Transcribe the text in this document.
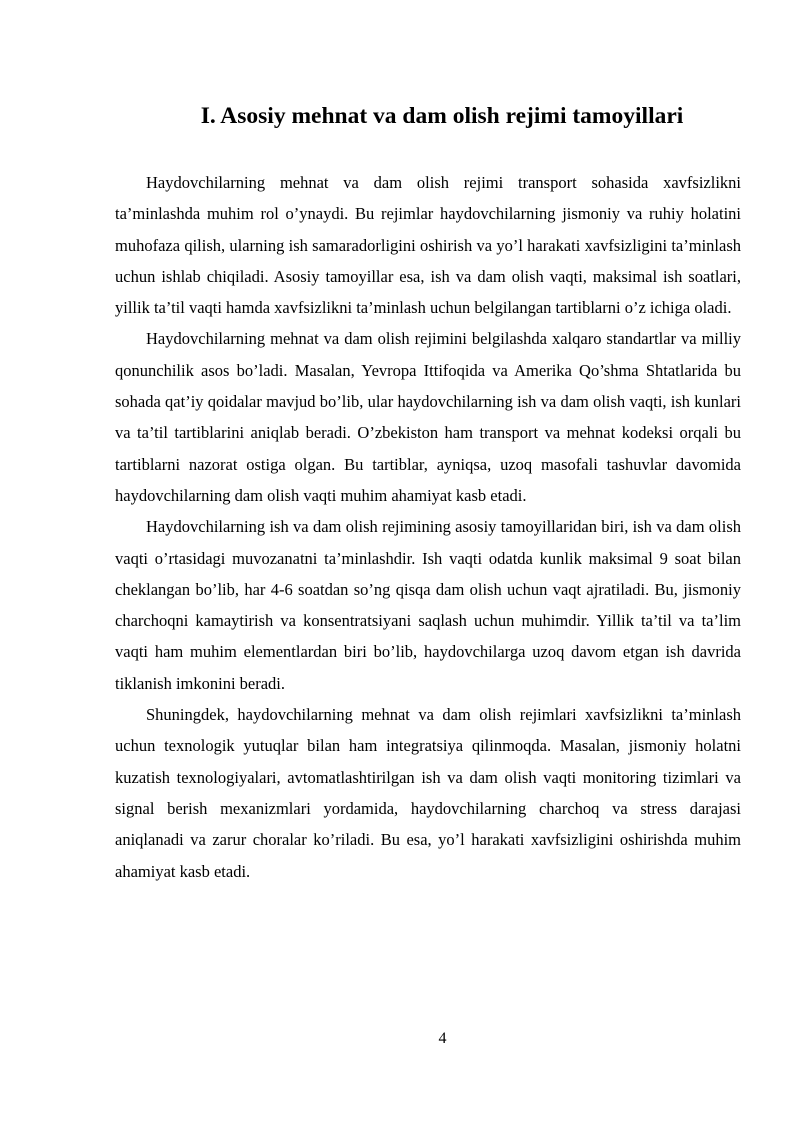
I. Asosiy mehnat va dam olish rejimi tamoyillari

Haydovchilarning mehnat va dam olish rejimi transport sohasida xavfsizlikni ta’minlashda muhim rol o’ynaydi. Bu rejimlar haydovchilarning jismoniy va ruhiy holatini muhofaza qilish, ularning ish samaradorligini oshirish va yo’l harakati xavfsizligini ta’minlash uchun ishlab chiqiladi. Asosiy tamoyillar esa, ish va dam olish vaqti, maksimal ish soatlari, yillik ta’til vaqti hamda xavfsizlikni ta’minlash uchun belgilangan tartiblarni o’z ichiga oladi.

Haydovchilarning mehnat va dam olish rejimini belgilashda xalqaro standartlar va milliy qonunchilik asos bo’ladi. Masalan, Yevropa Ittifoqida va Amerika Qo’shma Shtatlarida bu sohada qat’iy qoidalar mavjud bo’lib, ular haydovchilarning ish va dam olish vaqti, ish kunlari va ta’til tartiblarini aniqlab beradi. O’zbekiston ham transport va mehnat kodeksi orqali bu tartiblarni nazorat ostiga olgan. Bu tartiblar, ayniqsa, uzoq masofali tashuvlar davomida haydovchilarning dam olish vaqti muhim ahamiyat kasb etadi.

Haydovchilarning ish va dam olish rejimining asosiy tamoyillaridan biri, ish va dam olish vaqti o’rtasidagi muvozanatni ta’minlashdir. Ish vaqti odatda kunlik maksimal 9 soat bilan cheklangan bo’lib, har 4-6 soatdan so’ng qisqa dam olish uchun vaqt ajratiladi. Bu, jismoniy charchoqni kamaytirish va konsentratsiyani saqlash uchun muhimdir. Yillik ta’til va ta’lim vaqti ham muhim elementlardan biri bo’lib, haydovchilarga uzoq davom etgan ish davrida tiklanish imkonini beradi.

Shuningdek, haydovchilarning mehnat va dam olish rejimlari xavfsizlikni ta’minlash uchun texnologik yutuqlar bilan ham integratsiya qilinmoqda. Masalan, jismoniy holatni kuzatish texnologiyalari, avtomatlashtirilgan ish va dam olish vaqti monitoring tizimlari va signal berish mexanizmlari yordamida, haydovchilarning charchoq va stress darajasi aniqlanadi va zarur choralar ko’riladi. Bu esa, yo’l harakati xavfsizligini oshirishda muhim ahamiyat kasb etadi.

4
